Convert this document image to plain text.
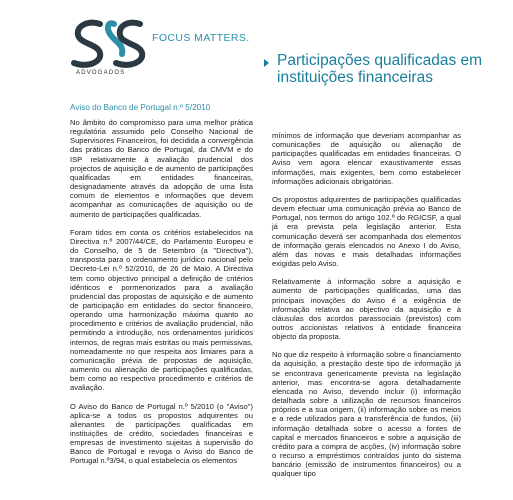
FOCUS MATTERS.
ADVOGADOS
Participações qualificadas em instituições financeiras
Aviso do Banco de Portugal n.º 5/2010

No âmbito do compromisso para uma melhor prática regulatória assumido pelo Conselho Nacional de Supervisores Financeiros, foi decidida a convergência das práticas do Banco de Portugal, da CMVM e do ISP relativamente à avaliação prudencial dos projectos de aquisição e de aumento de participações qualificadas em entidades financeiras, designadamente através da adopção de uma lista comum de elementos e informações que devem acompanhar as comunicações de aquisição ou de aumento de participações qualificadas.

Foram tidos em conta os critérios estabelecidos na Directiva n.º 2007/44/CE, do Parlamento Europeu e do Conselho, de 5 de Setembro (a "Directiva"), transposta para o ordenamento jurídico nacional pelo Decreto-Lei n.º 52/2010, de 26 de Maio. A Directiva tem como objectivo principal a definição de critérios idênticos e pormenorizados para a avaliação prudencial das propostas de aquisição e de aumento de participação em entidades do sector financeiro, operando uma harmonização máxima quanto ao procedimento e critérios de avaliação prudencial, não permitindo a introdução, nos ordenamentos jurídicos internos, de regras mais estritas ou mais permissivas, nomeadamente no que respeita aos limiares para a comunicação prévia de propostas de aquisição, aumento ou alienação de participações qualificadas, bem como ao respectivo procedimento e critérios de avaliação.

O Aviso do Banco de Portugal n.º 5/2010 (o "Aviso") aplica-se a todos os propostos adquirentes ou alienantes de participações qualificadas em instituições de crédito, sociedades financeiras e empresas de investimento sujeitas à supervisão do Banco de Portugal e revoga o Aviso do Banco de Portugal n.º3/94, o qual estabelecia os elementos

mínimos de informação que deveriam acompanhar as comunicações de aquisição ou alienação de participações qualificadas em entidades financeiras. O Aviso vem agora elencar exaustivamente essas informações, mais exigentes, bem como estabelecer informações adicionais obrigatórias.

Os propostos adquirentes de participações qualificadas devem efectuar uma comunicação prévia ao Banco de Portugal, nos termos do artigo 102.º do RGICSF, a qual já era prevista pela legislação anterior. Esta comunicação deverá ser acompanhada dos elementos de informação gerais elencados no Anexo I do Aviso, além das novas e mais detalhadas informações exigidas pelo Aviso.

Relativamente à informação sobre a aquisição e aumento de participações qualificadas, uma das principais inovações do Aviso é a exigência de informação relativa ao objectivo da aquisição e à cláusulas dos acordos parassociais (previstos) com outros accionistas relativos à entidade financeira objecto da proposta.

No que diz respeito à informação sobre o financiamento da aquisição, a prestação deste tipo de informação já se encontrava genericamente prevista na legislação anterior, mas encontra-se agora detalhadamente elencada no Aviso, devendo incluir (i) informação detalhada sobre a utilização de recursos financeiros próprios e a sua origem, (ii) informação sobre os meios e a rede utilizados para a transferência de fundos, (iii) informação detalhada sobre o acesso a fontes de capital e mercados financeiros e sobre a aquisição de crédito para a compra de acções, (iv) informação sobre o recurso a empréstimos contraídos junto do sistema bancário (emissão de instrumentos financeiros) ou a qualquer tipo
